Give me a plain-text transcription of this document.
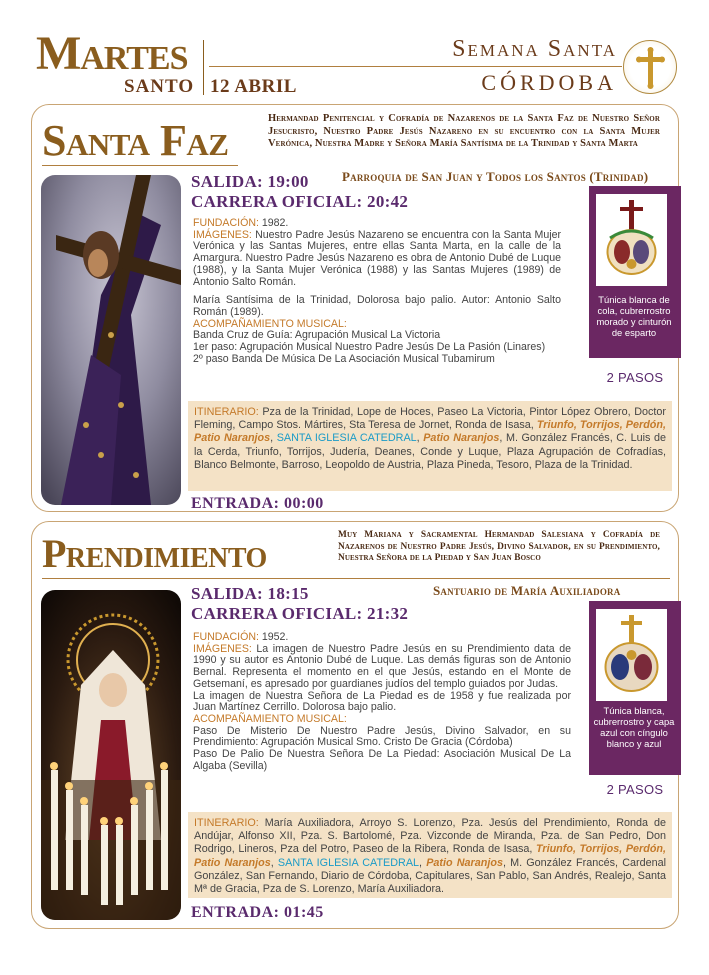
Martes
SANTO 12 ABRIL
Semana Santa
CÓRDOBA
Santa Faz	Hermandad Penitencial y Cofradía de Nazarenos de la Santa Faz de Nuestro Señor Jesucristo, Nuestro Padre Jesús Nazareno en su encuentro con la Santa Mujer Verónica, Nuestra Madre y Señora María Santísima de la Trinidad y Santa Marta
SALIDA: 19:00
CARRERA OFICIAL: 20:42
Parroquia de San Juan y Todos los Santos (Trinidad)

FUNDACIÓN: 1982.

IMÁGENES: Nuestro Padre Jesús Nazareno se encuentra con la Santa Mujer Verónica y las Santas Mujeres, entre ellas Santa Marta, en la calle de la Amargura. Nuestro Padre Jesús Nazareno es obra de Antonio Dubé de Luque (1988), y la Santa Mujer Verónica (1988) y las Santas Mujeres (1989) de Antonio Salto Román.

María Santísima de la Trinidad, Dolorosa bajo palio. Autor: Antonio Salto Román (1989).

ACOMPAÑAMIENTO MUSICAL:

Banda Cruz de Guía: Agrupación Musical La Victoria

1er paso: Agrupación Musical Nuestro Padre Jesús De La Pasión (Linares)

2º paso Banda De Música De La Asociación Musical Tubamirum

Túnica blanca de cola, cubrerrostro morado y cinturón de esparto
2 PASOS
ITINERARIO: Pza de la Trinidad, Lope de Hoces, Paseo La Victoria, Pintor López Obrero, Doctor Fleming, Campo Stos. Mártires, Sta Teresa de Jornet, Ronda de Isasa, Triunfo, Torrijos, Perdón, Patio Naranjos, SANTA IGLESIA CATEDRAL, Patio Naranjos, M. González Francés, C. Luis de la Cerda, Triunfo, Torrijos, Judería, Deanes, Conde y Luque, Plaza Agrupación de Cofradías, Blanco Belmonte, Barroso, Leopoldo de Austria, Plaza Pineda, Tesoro, Plaza de la Trinidad.
ENTRADA: 00:00
Prendimiento	Muy Mariana y Sacramental Hermandad Salesiana y Cofradía de Nazarenos de Nuestro Padre Jesús, Divino Salvador, en su Prendimiento, Nuestra Señora de la Piedad y San Juan Bosco
SALIDA: 18:15
CARRERA OFICIAL: 21:32
Santuario de María Auxiliadora

FUNDACIÓN: 1952.

IMÁGENES: La imagen de Nuestro Padre Jesús en su Prendimiento data de 1990 y su autor es Antonio Dubé de Luque. Las demás figuras son de Antonio Bernal. Representa el momento en el que Jesús, estando en el Monte de Getsemaní, es apresado por guardianes judíos del templo guiados por Judas.

La imagen de Nuestra Señora de La Piedad es de 1958 y fue realizada por Juan Martínez Cerrillo. Dolorosa bajo palio.

ACOMPAÑAMIENTO MUSICAL:

Paso De Misterio De Nuestro Padre Jesús, Divino Salvador, en su Prendimiento: Agrupación Musical Smo. Cristo De Gracia (Córdoba)

Paso De Palio De Nuestra Señora De La Piedad: Asociación Musical De La Algaba (Sevilla)

Túnica blanca, cubrerrostro y capa azul con cíngulo blanco y azul
2 PASOS
ITINERARIO: María Auxiliadora, Arroyo S. Lorenzo, Pza. Jesús del Prendimiento, Ronda de Andújar, Alfonso XII, Pza. S. Bartolomé, Pza. Vizconde de Miranda, Pza. de San Pedro, Don Rodrigo, Lineros, Pza del Potro, Paseo de la Ribera, Ronda de Isasa, Triunfo, Torrijos, Perdón, Patio Naranjos, SANTA IGLESIA CATEDRAL, Patio Naranjos, M. González Francés, Cardenal González, San Fernando, Diario de Córdoba, Capitulares, San Pablo, San Andrés, Realejo, Santa Mª de Gracia, Pza de S. Lorenzo, María Auxiliadora.
ENTRADA: 01:45
